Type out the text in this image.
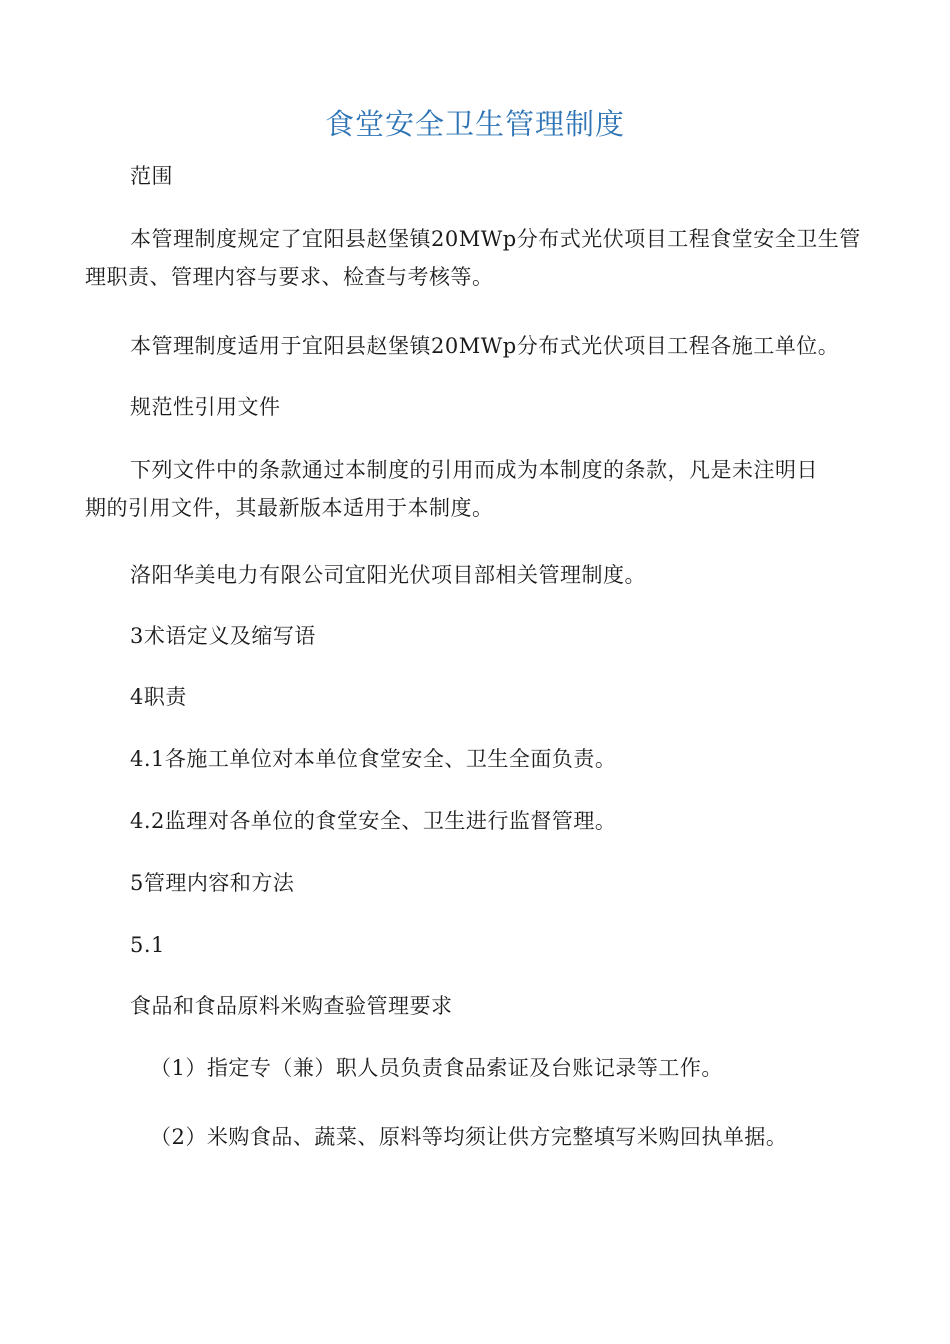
食堂安全卫生管理制度
范围
本管理制度规定了宜阳县赵堡镇20MWp分布式光伏项目工程食堂安全卫生管
理职责、管理内容与要求、检查与考核等。
本管理制度适用于宜阳县赵堡镇20MWp分布式光伏项目工程各施工单位。
规范性引用文件
下列文件中的条款通过本制度的引用而成为本制度的条款，凡是未注明日
期的引用文件，其最新版本适用于本制度。
洛阳华美电力有限公司宜阳光伏项目部相关管理制度。
3术语定义及缩写语
4职责
4.1各施工单位对本单位食堂安全、卫生全面负责。
4.2监理对各单位的食堂安全、卫生进行监督管理。
5管理内容和方法
5.1
食品和食品原料米购查验管理要求
（1）指定专（兼）职人员负责食品索证及台账记录等工作。
（2）米购食品、蔬菜、原料等均须让供方完整填写米购回执单据。
